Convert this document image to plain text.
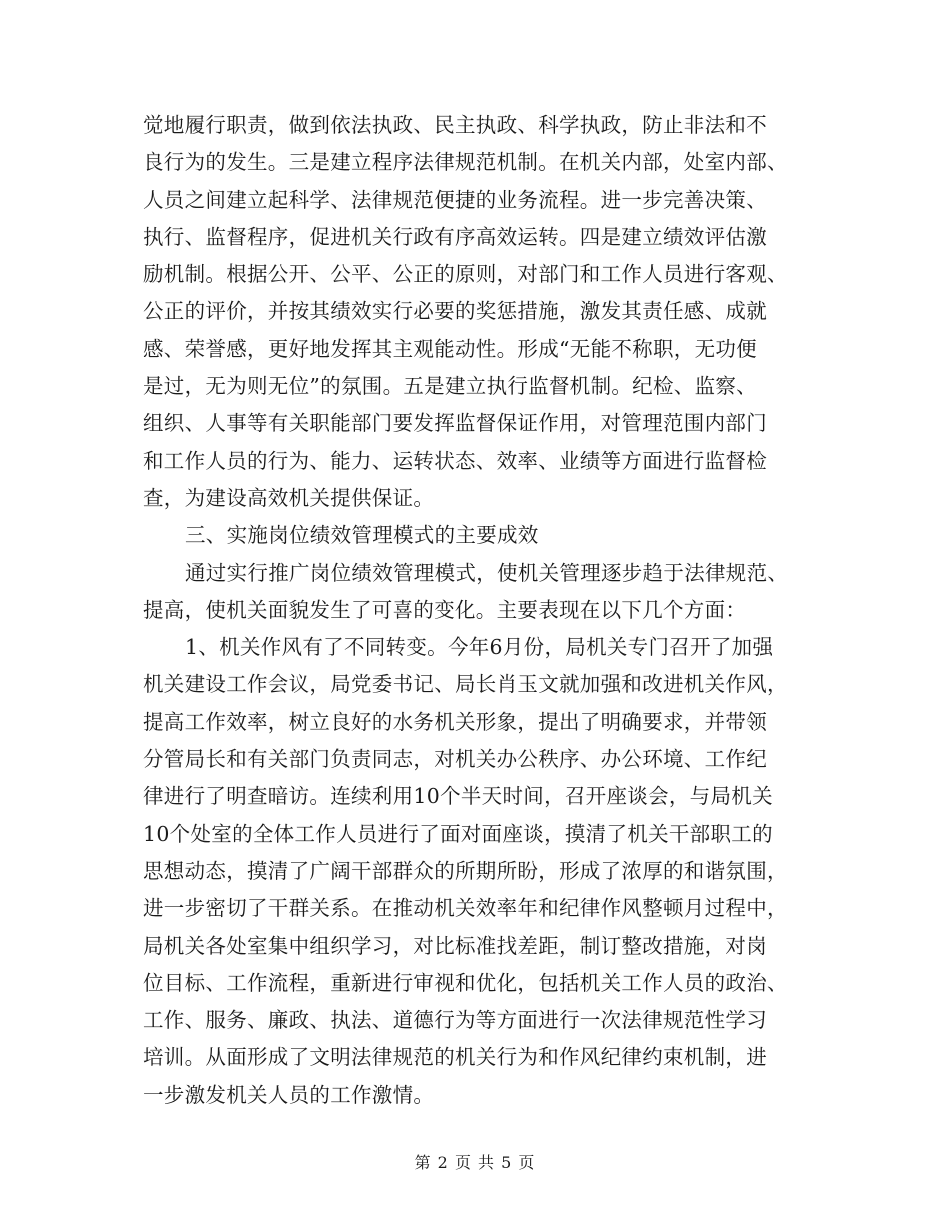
觉地履行职责，做到依法执政、民主执政、科学执政，防止非法和不
良行为的发生。三是建立程序法律规范机制。在机关内部，处室内部、
人员之间建立起科学、法律规范便捷的业务流程。进一步完善决策、
执行、监督程序，促进机关行政有序高效运转。四是建立绩效评估激
励机制。根据公开、公平、公正的原则，对部门和工作人员进行客观、
公正的评价，并按其绩效实行必要的奖惩措施，激发其责任感、成就
感、荣誉感，更好地发挥其主观能动性。形成“无能不称职，无功便
是过，无为则无位”的氛围。五是建立执行监督机制。纪检、监察、
组织、人事等有关职能部门要发挥监督保证作用，对管理范围内部门
和工作人员的行为、能力、运转状态、效率、业绩等方面进行监督检
查，为建设高效机关提供保证。
三、实施岗位绩效管理模式的主要成效
通过实行推广岗位绩效管理模式，使机关管理逐步趋于法律规范、
提高，使机关面貌发生了可喜的变化。主要表现在以下几个方面：
1、机关作风有了不同转变。今年6月份，局机关专门召开了加强
机关建设工作会议，局党委书记、局长肖玉文就加强和改进机关作风，
提高工作效率，树立良好的水务机关形象，提出了明确要求，并带领
分管局长和有关部门负责同志，对机关办公秩序、办公环境、工作纪
律进行了明查暗访。连续利用10个半天时间，召开座谈会，与局机关
10个处室的全体工作人员进行了面对面座谈，摸清了机关干部职工的
思想动态，摸清了广阔干部群众的所期所盼，形成了浓厚的和谐氛围，
进一步密切了干群关系。在推动机关效率年和纪律作风整顿月过程中，
局机关各处室集中组织学习，对比标准找差距，制订整改措施，对岗
位目标、工作流程，重新进行审视和优化，包括机关工作人员的政治、
工作、服务、廉政、执法、道德行为等方面进行一次法律规范性学习
培训。从面形成了文明法律规范的机关行为和作风纪律约束机制，进
一步激发机关人员的工作激情。
第 2 页 共 5 页
